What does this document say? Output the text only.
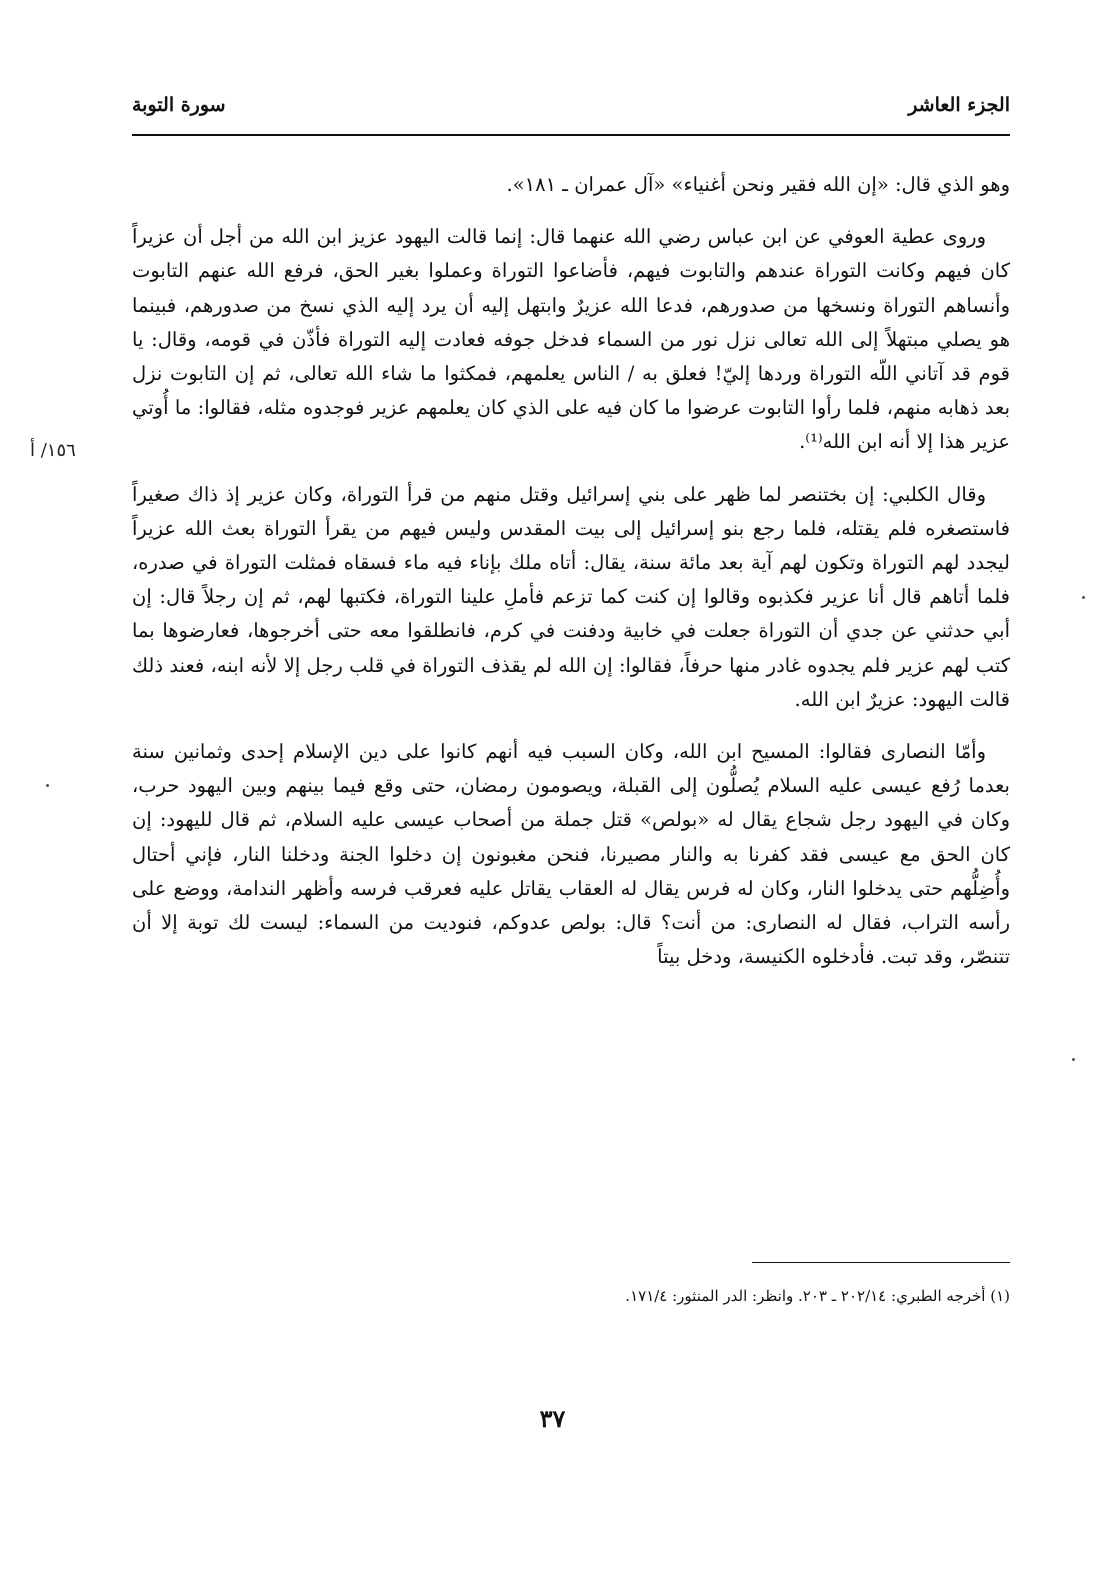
الجزء العاشر
سورة التوبة
١٥٦/ أ

وهو الذي قال: «إن الله فقير ونحن أغنياء» «آل عمران ـ ١٨١».

وروى عطية العوفي عن ابن عباس رضي الله عنهما قال: إنما قالت اليهود عزيز ابن الله من أجل أن عزيراً كان فيهم وكانت التوراة عندهم والتابوت فيهم، فأضاعوا التوراة وعملوا بغير الحق، فرفع الله عنهم التابوت وأنساهم التوراة ونسخها من صدورهم، فدعا الله عزيرٌ وابتهل إليه أن يرد إليه الذي نسخ من صدورهم، فبينما هو يصلي مبتهلاً إلى الله تعالى نزل نور من السماء فدخل جوفه فعادت إليه التوراة فأذّن في قومه، وقال: يا قوم قد آتاني اللّه التوراة وردها إليّ! فعلق به / الناس يعلمهم، فمكثوا ما شاء الله تعالى، ثم إن التابوت نزل بعد ذهابه منهم، فلما رأوا التابوت عرضوا ما كان فيه على الذي كان يعلمهم عزير فوجدوه مثله، فقالوا: ما أُوتي عزير هذا إلا أنه ابن الله⁽¹⁾.

وقال الكلبي: إن بختنصر لما ظهر على بني إسرائيل وقتل منهم من قرأ التوراة، وكان عزير إذ ذاك صغيراً فاستصغره فلم يقتله، فلما رجع بنو إسرائيل إلى بيت المقدس وليس فيهم من يقرأ التوراة بعث الله عزيراً ليجدد لهم التوراة وتكون لهم آية بعد مائة سنة، يقال: أتاه ملك بإناء فيه ماء فسقاه فمثلت التوراة في صدره، فلما أتاهم قال أنا عزير فكذبوه وقالوا إن كنت كما تزعم فأملِ علينا التوراة، فكتبها لهم، ثم إن رجلاً قال: إن أبي حدثني عن جدي أن التوراة جعلت في خابية ودفنت في كرم، فانطلقوا معه حتى أخرجوها، فعارضوها بما كتب لهم عزير فلم يجدوه غادر منها حرفاً، فقالوا: إن الله لم يقذف التوراة في قلب رجل إلا لأنه ابنه، فعند ذلك قالت اليهود: عزيرٌ ابن الله.

وأمّا النصارى فقالوا: المسيح ابن الله، وكان السبب فيه أنهم كانوا على دين الإسلام إحدى وثمانين سنة بعدما رُفع عيسى عليه السلام يُصلُّون إلى القبلة، ويصومون رمضان، حتى وقع فيما بينهم وبين اليهود حرب، وكان في اليهود رجل شجاع يقال له «بولص» قتل جملة من أصحاب عيسى عليه السلام، ثم قال لليهود: إن كان الحق مع عيسى فقد كفرنا به والنار مصيرنا، فنحن مغبونون إن دخلوا الجنة ودخلنا النار، فإني أحتال وأُضِلُّهم حتى يدخلوا النار، وكان له فرس يقال له العقاب يقاتل عليه فعرقب فرسه وأظهر الندامة، ووضع على رأسه التراب، فقال له النصارى: من أنت؟ قال: بولص عدوكم، فنوديت من السماء: ليست لك توبة إلا أن تتنصّر، وقد تبت. فأدخلوه الكنيسة، ودخل بيتاً

(١) أخرجه الطبري: ٢٠٢/١٤ ـ ٢٠٣. وانظر: الدر المنثور: ١٧١/٤.
٣٧
